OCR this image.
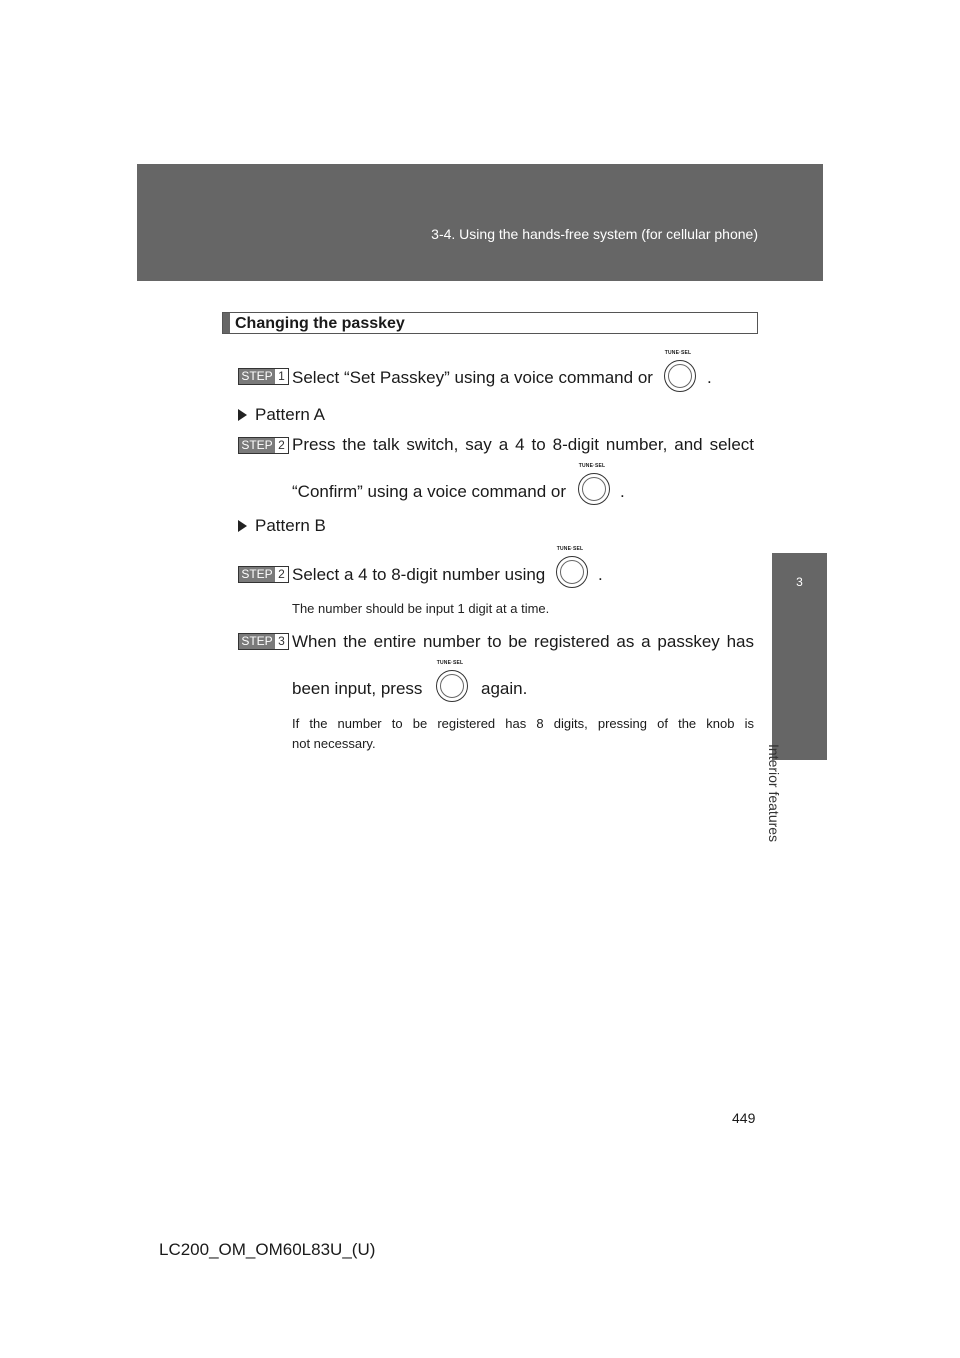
3-4. Using the hands-free system (for cellular phone)
3
Interior features
Changing the passkey
STEP 1 Select “Set Passkey” using a voice command or
TUNE·SEL
.
Pattern A
STEP 2 Press the talk switch, say a 4 to 8-digit number, and select
“Confirm” using a voice command or
TUNE·SEL
.
Pattern B
STEP 2 Select a 4 to 8-digit number using
TUNE·SEL
.
The number should be input 1 digit at a time.
STEP 3 When the entire number to be registered as a passkey has
been input, press
TUNE·SEL
again.
If the number to be registered has 8 digits, pressing of the knob is
not necessary.
449
LC200_OM_OM60L83U_(U)
